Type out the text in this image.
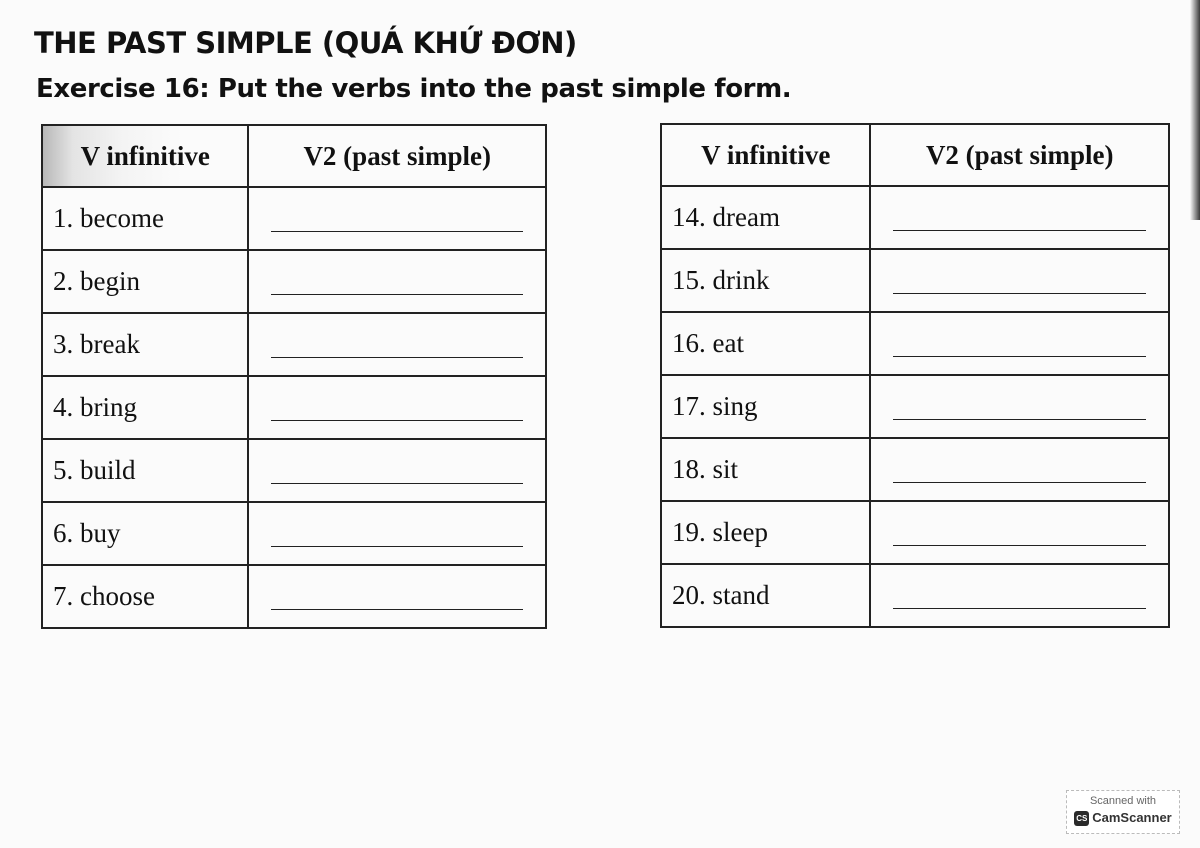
THE PAST SIMPLE (QUÁ KHỨ ĐƠN)
Exercise 16: Put the verbs into the past simple form.
V infinitive	V2 (past simple)
1. become	

2. begin	

3. break	

4. bring	

5. build	

6. buy	

7. choose	
V infinitive	V2 (past simple)
14. dream	

15. drink	

16. eat	

17. sing	

18. sit	

19. sleep	

20. stand	
Scanned with
CS CamScanner
